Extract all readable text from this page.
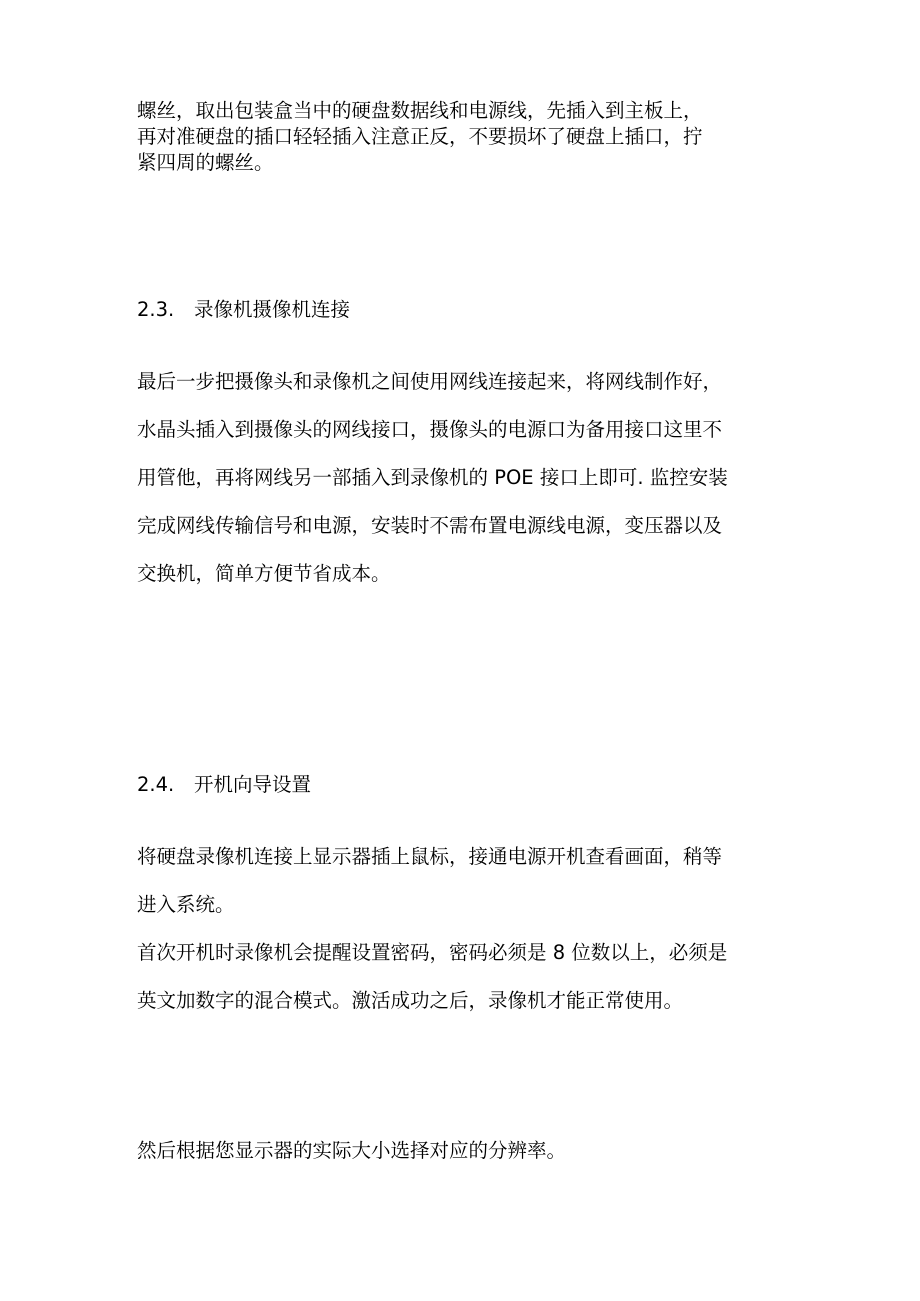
螺丝，取出包装盒当中的硬盘数据线和电源线，先插入到主板上，
再对准硬盘的插口轻轻插入注意正反，不要损坏了硬盘上插口，拧
紧四周的螺丝。
2.3. 录像机摄像机连接
最后一步把摄像头和录像机之间使用网线连接起来，将网线制作好，
水晶头插入到摄像头的网线接口，摄像头的电源口为备用接口这里不
用管他，再将网线另一部插入到录像机的 POE 接口上即可. 监控安装
完成网线传输信号和电源，安装时不需布置电源线电源，变压器以及
交换机，简单方便节省成本。
2.4. 开机向导设置
将硬盘录像机连接上显示器插上鼠标，接通电源开机查看画面，稍等
进入系统。
首次开机时录像机会提醒设置密码，密码必须是 8 位数以上，必须是
英文加数字的混合模式。激活成功之后，录像机才能正常使用。
然后根据您显示器的实际大小选择对应的分辨率。
